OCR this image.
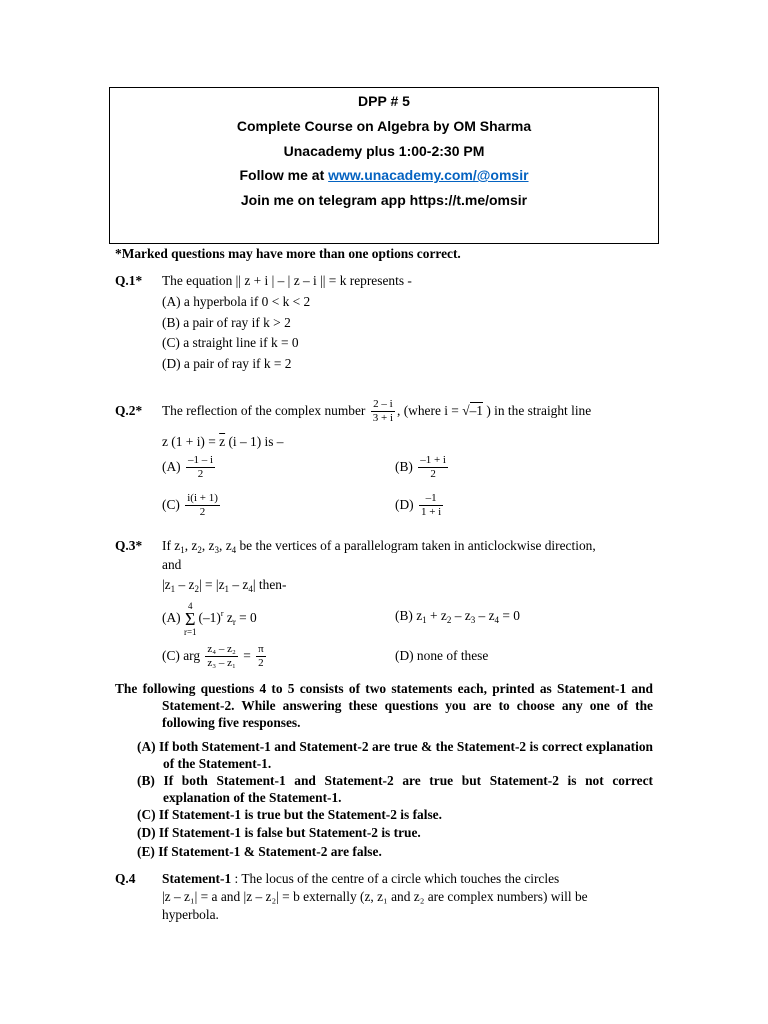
DPP # 5
Complete Course on Algebra by OM Sharma
Unacademy plus 1:00-2:30 PM
Follow me at www.unacademy.com/@omsir
Join me on telegram app https://t.me/omsir
*Marked questions may have more than one options correct.
Q.1* The equation || z + i | – | z – i || = k represents -
(A) a hyperbola if 0 < k < 2
(B) a pair of ray if k > 2
(C) a straight line if k = 0
(D) a pair of ray if k = 2
Q.2* The reflection of the complex number $\frac{2 - i}{3 + i}$ , (where i = √–1 ) in the straight line
z $(1 + i) = \overline{z}$ (i – 1) is –
$(A) \frac{-1 - i}{2}$	$(B) \frac{-1 + i}{2}$
$(C) \frac{i(i + 1)}{2}$	$(D) \frac{-1}{1 + i}$
Q.3* If $z_1$, $z_2$, $z_3$, $z_4$ be the vertices of a parallelogram taken in anticlockwise direction,
and
$|z_1 - z_2| = |z_1 - z_4|$ then-
(A) 4
Σ
$r=1(-1)^r$ $z_r = 0$	(B) $z_1 + z_2 - z_3 - z_4 = 0$
(C) arg $\frac{\text{z₄ – z₂}}{\text{z₃ – z₁}} = \frac{\pi}{2}$	(D) none of these
The following questions 4 to 5 consists of two statements each, printed as Statement-1 and Statement-2. While answering these questions you are to choose any one of the following five responses.
(A) If both Statement-1 and Statement-2 are true & the Statement-2 is correct explanation of the Statement-1.
(B) If both Statement-1 and Statement-2 are true but Statement-2 is not correct explanation of the Statement-1.
(C) If Statement-1 is true but the Statement-2 is false.
(D) If Statement-1 is false but Statement-2 is true.
(E) If Statement-1 & Statement-2 are false.
Q.4 Statement-1 : The locus of the centre of a circle which touches the circles
|z – z₁| = a and |z – z₂| = b externally (z, z₁ and z₂ are complex numbers) will be
hyperbola.
